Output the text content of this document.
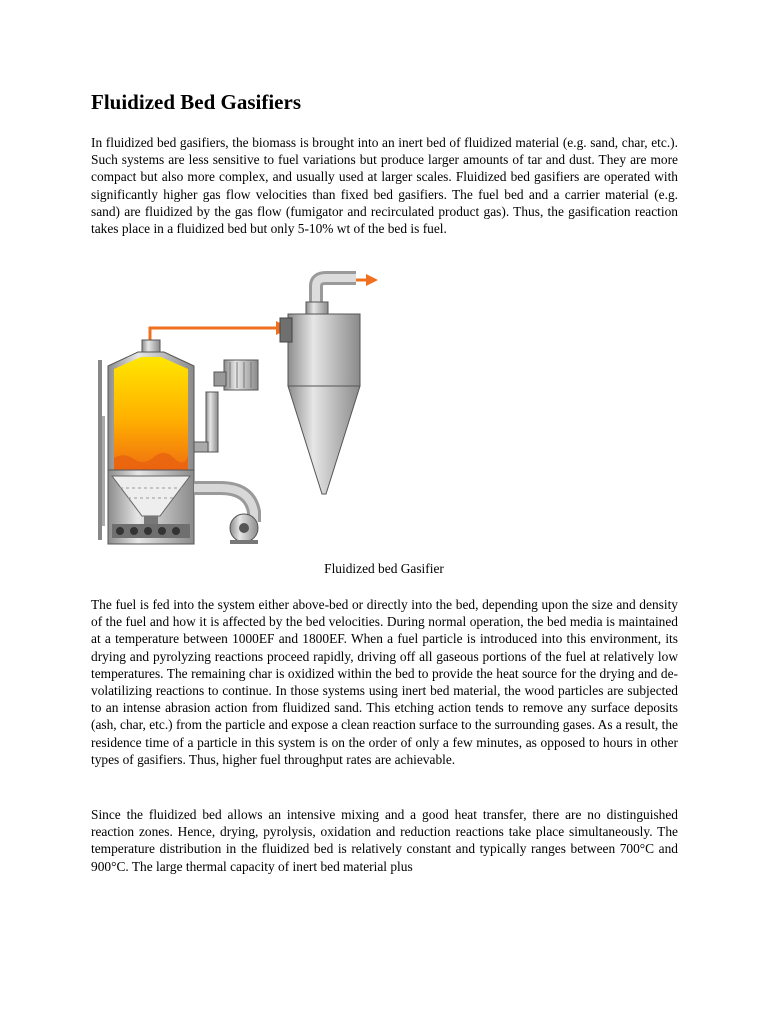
Fluidized Bed Gasifiers

In fluidized bed gasifiers, the biomass is brought into an inert bed of fluidized material (e.g. sand, char, etc.). Such systems are less sensitive to fuel variations but produce larger amounts of tar and dust. They are more compact but also more complex, and usually used at larger scales. Fluidized bed gasifiers are operated with significantly higher gas flow velocities than fixed bed gasifiers. The fuel bed and a carrier material (e.g. sand) are fluidized by the gas flow (fumigator and recirculated product gas). Thus, the gasification reaction takes place in a fluidized bed but only 5-10% wt of the bed is fuel.

Fluidized bed Gasifier

The fuel is fed into the system either above-bed or directly into the bed, depending upon the size and density of the fuel and how it is affected by the bed velocities. During normal operation, the bed media is maintained at a temperature between 1000EF and 1800EF. When a fuel particle is introduced into this environment, its drying and pyrolyzing reactions proceed rapidly, driving off all gaseous portions of the fuel at relatively low temperatures. The remaining char is oxidized within the bed to provide the heat source for the drying and de-volatilizing reactions to continue. In those systems using inert bed material, the wood particles are subjected to an intense abrasion action from fluidized sand. This etching action tends to remove any surface deposits (ash, char, etc.) from the particle and expose a clean reaction surface to the surrounding gases. As a result, the residence time of a particle in this system is on the order of only a few minutes, as opposed to hours in other types of gasifiers. Thus, higher fuel throughput rates are achievable.

Since the fluidized bed allows an intensive mixing and a good heat transfer, there are no distinguished reaction zones. Hence, drying, pyrolysis, oxidation and reduction reactions take place simultaneously. The temperature distribution in the fluidized bed is relatively constant and typically ranges between 700°C and 900°C. The large thermal capacity of inert bed material plus
